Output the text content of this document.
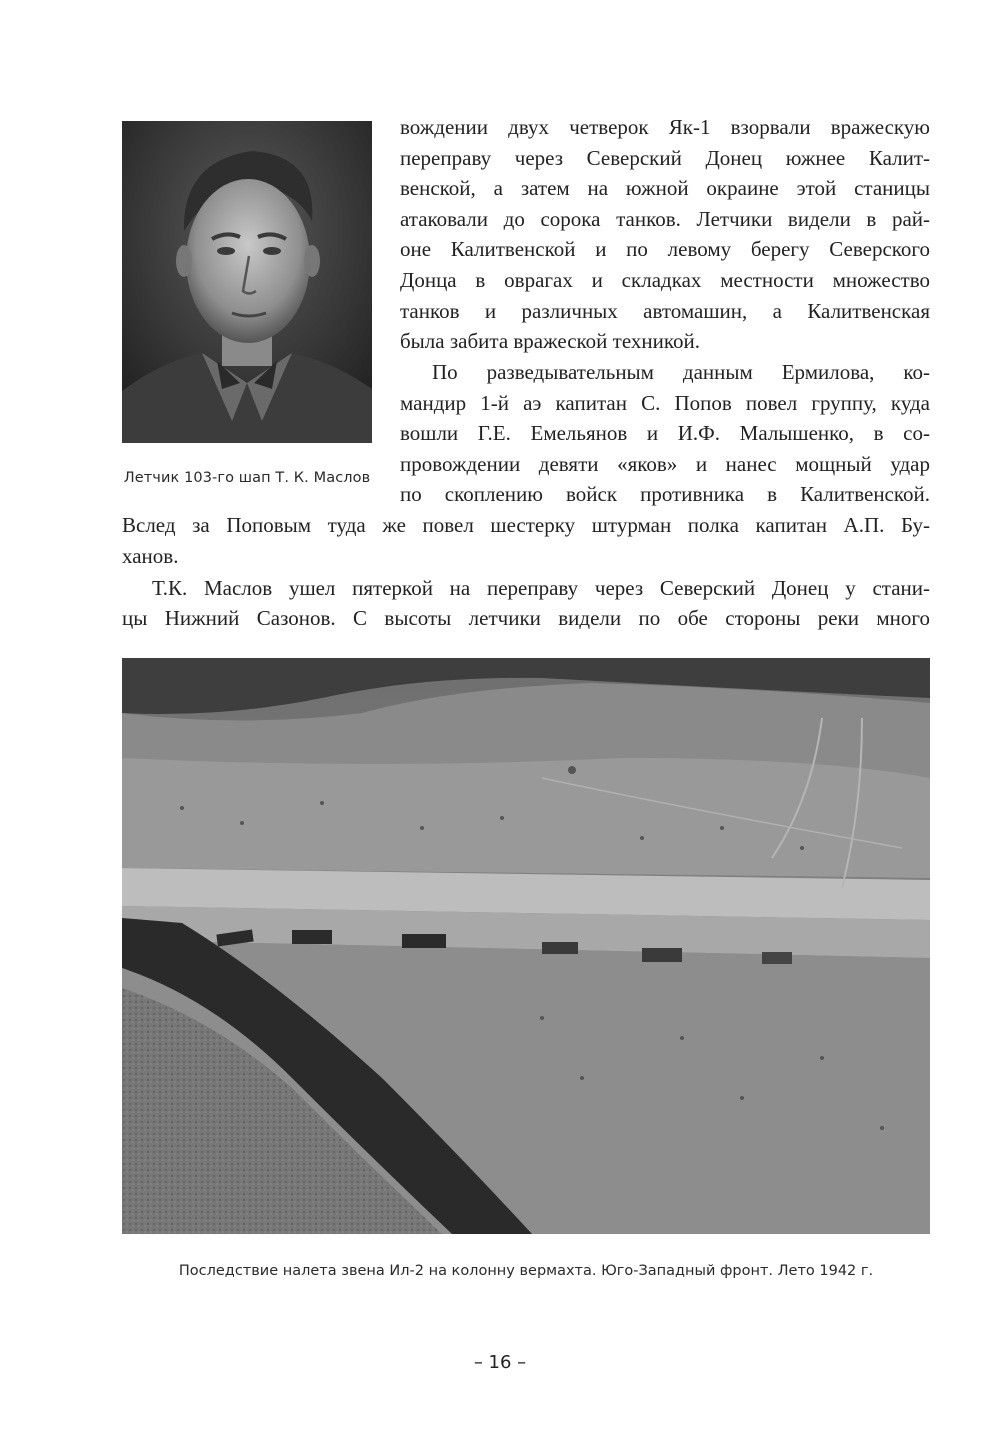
Летчик 103-го шап Т. К. Маслов
вождении двух четверок Як-1 взорвали вражескую
переправу через Северский Донец южнее Калит-
венской, а затем на южной окраине этой станицы
атаковали до сорока танков. Летчики видели в рай-
оне Калитвенской и по левому берегу Северского
Донца в оврагах и складках местности множество
танков и различных автомашин, а Калитвенская
была забита вражеской техникой.
По разведывательным данным Ермилова, ко-
мандир 1-й аэ капитан С. Попов повел группу, куда
вошли Г.Е. Емельянов и И.Ф. Малышенко, в со-
провождении девяти «яков» и нанес мощный удар
по скоплению войск противника в Калитвенской.
Вслед за Поповым туда же повел шестерку штурман полка капитан А.П. Бу-
ханов.
Т.К. Маслов ушел пятеркой на переправу через Северский Донец у стани-
цы Нижний Сазонов. С высоты летчики видели по обе стороны реки много
Последствие налета звена Ил-2 на колонну вермахта. Юго-Западный фронт. Лето 1942 г.
– 16 –
